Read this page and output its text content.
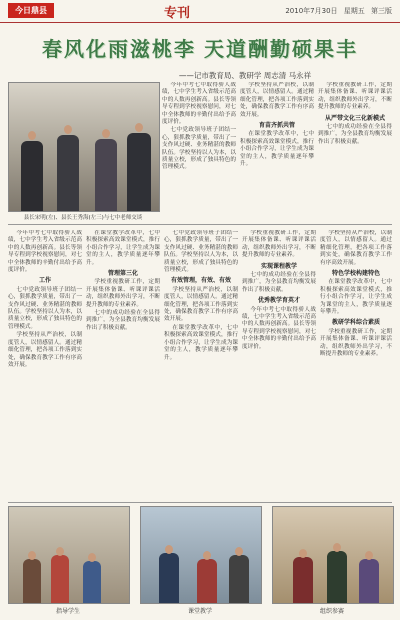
今日鼎县	专刊	2010年7月30日 星期五 第三版
春风化雨滋桃李 天道酬勤硕果丰
——记市教育局、教研学 周志清 马永祥
县长宋明(左)、县长王秀海(左三)与七中老师交谈

今年中考七中取得骄人战绩，七中学生考入省级示范高中的人数再创新高。县长等领导专程到学校视察慰问，对七中全体教师的辛勤付出给予高度评价。

七中党政领导班子团结一心，狠抓教学质量，带出了一支作风过硬、业务精湛的教师队伍。学校坚持以人为本，以质量立校，形成了独具特色的管理模式。

学校坚持从严治校，以制度管人，以情感留人。通过精细化管理，把各项工作落到实处，确保教育教学工作有序高效开展。

育苗齐抓共管

在课堂教学改革中，七中积极探索高效课堂模式，推行小组合作学习，让学生成为课堂的主人，教学质量逐年攀升。

学校重视教研工作，定期开展集体备课、听课评课活动，组织教师外出学习，不断提升教师的专业素养。

从严带文化三化新模式

七中的成功经验在全县得到推广，为全县教育均衡发展作出了积极贡献。

今年中考七中取得骄人战绩，七中学生考入省级示范高中的人数再创新高。县长等领导专程到学校视察慰问，对七中全体教师的辛勤付出给予高度评价。

工作

七中党政领导班子团结一心，狠抓教学质量，带出了一支作风过硬、业务精湛的教师队伍。学校坚持以人为本，以质量立校，形成了独具特色的管理模式。

学校坚持从严治校，以制度管人，以情感留人。通过精细化管理，把各项工作落到实处，确保教育教学工作有序高效开展。

在课堂教学改革中，七中积极探索高效课堂模式，推行小组合作学习，让学生成为课堂的主人，教学质量逐年攀升。

管理第三化

学校重视教研工作，定期开展集体备课、听课评课活动，组织教师外出学习，不断提升教师的专业素养。

七中的成功经验在全县得到推广，为全县教育均衡发展作出了积极贡献。

七中党政领导班子团结一心，狠抓教学质量，带出了一支作风过硬、业务精湛的教师队伍。学校坚持以人为本，以质量立校，形成了独具特色的管理模式。

有效管理，有效、有效

学校坚持从严治校，以制度管人，以情感留人。通过精细化管理，把各项工作落到实处，确保教育教学工作有序高效开展。

在课堂教学改革中，七中积极探索高效课堂模式，推行小组合作学习，让学生成为课堂的主人，教学质量逐年攀升。

学校重视教研工作，定期开展集体备课、听课评课活动，组织教师外出学习，不断提升教师的专业素养。

实现课程教学

七中的成功经验在全县得到推广，为全县教育均衡发展作出了积极贡献。

优秀教学育英才

今年中考七中取得骄人战绩，七中学生考入省级示范高中的人数再创新高。县长等领导专程到学校视察慰问，对七中全体教师的辛勤付出给予高度评价。

学校坚持从严治校，以制度管人，以情感留人。通过精细化管理，把各项工作落到实处，确保教育教学工作有序高效开展。

特色学校构建特色

在课堂教学改革中，七中积极探索高效课堂模式，推行小组合作学习，让学生成为课堂的主人，教学质量逐年攀升。

教研学科综合素质

学校重视教研工作，定期开展集体备课、听课评课活动，组织教师外出学习，不断提升教师的专业素养。

指导学生	课堂教学	组织参赛
